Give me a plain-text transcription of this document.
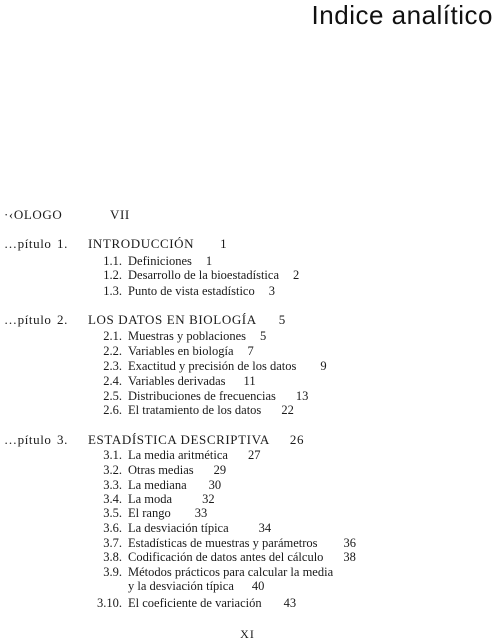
Indice analítico
·‹OLOGO	VII
…pítulo 1. INTRODUCCIÓN 1
1.1. Definiciones 1
1.2. Desarrollo de la bioestadística 2
1.3. Punto de vista estadístico 3
…pítulo 2. LOS DATOS EN BIOLOGÍA 5
2.1. Muestras y poblaciones 5
2.2. Variables en biología 7
2.3. Exactitud y precisión de los datos 9
2.4. Variables derivadas 11
2.5. Distribuciones de frecuencias 13
2.6. El tratamiento de los datos 22
…pítulo 3. ESTADÍSTICA DESCRIPTIVA 26
3.1. La media aritmética 27
3.2. Otras medias 29
3.3. La mediana 30
3.4. La moda 32
3.5. El rango 33
3.6. La desviación típica 34
3.7. Estadísticas de muestras y parámetros 36
3.8. Codificación de datos antes del cálculo 38
3.9. Métodos prácticos para calcular la media
y la desviación típica 40
3.10. El coeficiente de variación 43
XI
